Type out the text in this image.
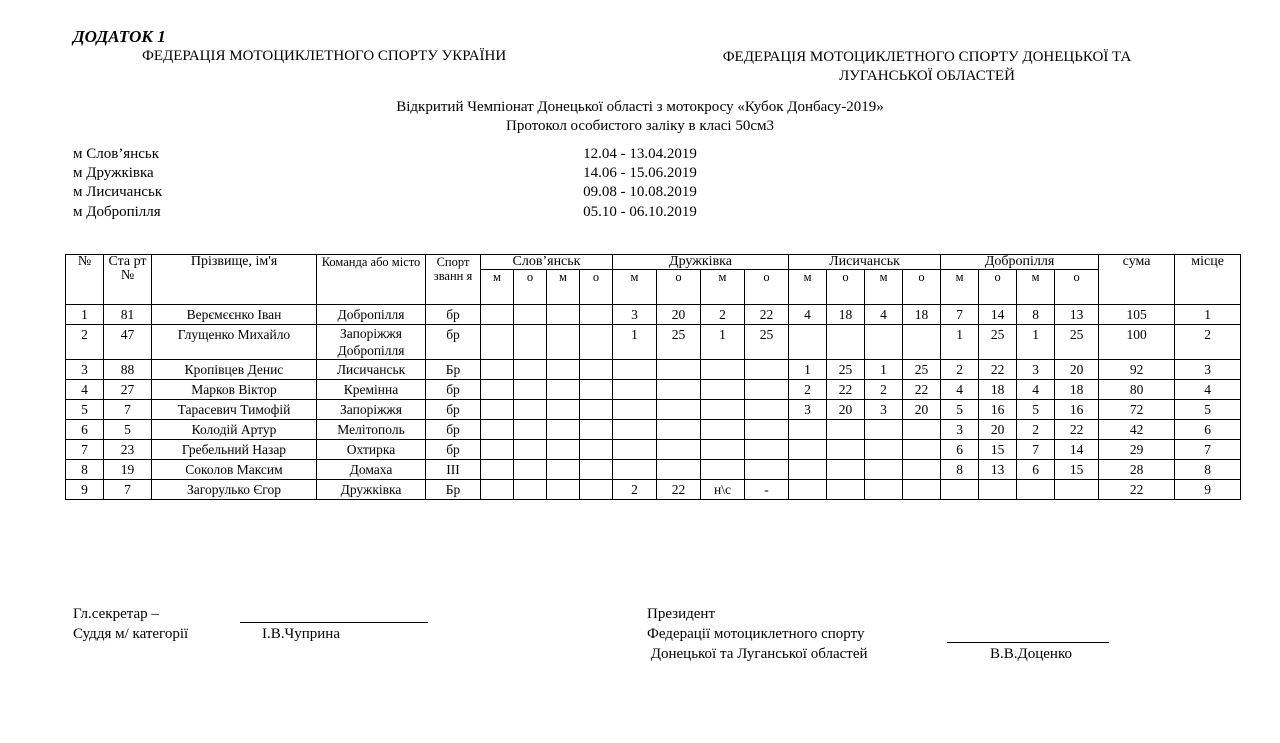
ДОДАТОК 1
ФЕДЕРАЦІЯ МОТОЦИКЛЕТНОГО СПОРТУ УКРАЇНИ	ФЕДЕРАЦІЯ МОТОЦИКЛЕТНОГО СПОРТУ ДОНЕЦЬКОЇ ТА ЛУГАНСЬКОЇ ОБЛАСТЕЙ
Відкритий Чемпіонат Донецької області з мотокросу «Кубок Донбасу-2019»
Протокол особистого заліку в класі 50см3
м Слов’янськ	12.04 - 13.04.2019
м Дружківка	14.06 - 15.06.2019
м Лисичанськ	09.08 - 10.08.2019
м Добропілля	05.10 - 06.10.2019
№	Ста рт №	Прізвище, ім'я	Команда або місто	Спорт званн я	Слов’янськ				Дружківка				Лисичанськ				Добропілля				сума	місце
					м	о	м	о	м	о	м	о	м	о	м	о	м	о	м	о		
1	81	Верємєєнко Іван	Добропілля	бр					3	20	2	22	4	18	4	18	7	14	8	13	105	1
2	47	Глущенко Михайло	Запоріжжя Добропілля	бр					1	25	1	25					1	25	1	25	100	2
3	88	Кропівцев Денис	Лисичанськ	Бр									1	25	1	25	2	22	3	20	92	3
4	27	Марков Віктор	Кремінна	бр									2	22	2	22	4	18	4	18	80	4
5	7	Тарасевич Тимофій	Запоріжжя	бр									3	20	3	20	5	16	5	16	72	5
6	5	Колодій Артур	Мелітополь	бр													3	20	2	22	42	6
7	23	Гребельний Назар	Охтирка	бр													6	15	7	14	29	7
8	19	Соколов Максим	Домаха	ІІІ													8	13	6	15	28	8
9	7	Загорулько Єгор	Дружківка	Бр					2	22	н\с	-									22	9
Гл.секретар –
Суддя м/ категорії	І.В.Чуприна
Президент
Федерації мотоциклетного спорту
Донецької та Луганської областей	В.В.Доценко
